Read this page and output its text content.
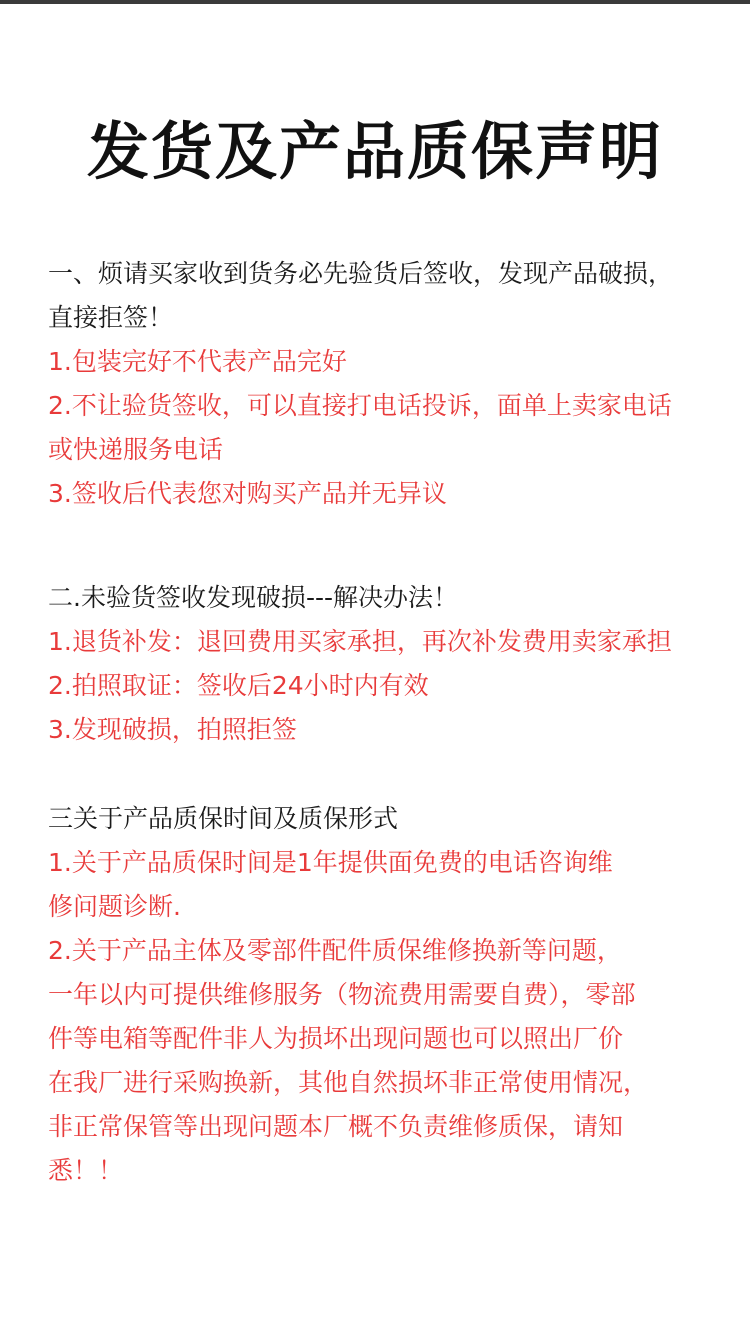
发货及产品质保声明
一、烦请买家收到货务必先验货后签收，发现产品破损，
直接拒签！
1.包装完好不代表产品完好
2.不让验货签收，可以直接打电话投诉，面单上卖家电话
或快递服务电话
3.签收后代表您对购买产品并无异议
二.未验货签收发现破损---解决办法！
1.退货补发：退回费用买家承担，再次补发费用卖家承担
2.拍照取证：签收后24小时内有效
3.发现破损，拍照拒签
三关于产品质保时间及质保形式
1.关于产品质保时间是1年提供面免费的电话咨询维
修问题诊断.
2.关于产品主体及零部件配件质保维修换新等问题，
一年以内可提供维修服务（物流费用需要自费），零部
件等电箱等配件非人为损坏出现问题也可以照出厂价
在我厂进行采购换新，其他自然损坏非正常使用情况，
非正常保管等出现问题本厂概不负责维修质保，请知
悉！！
